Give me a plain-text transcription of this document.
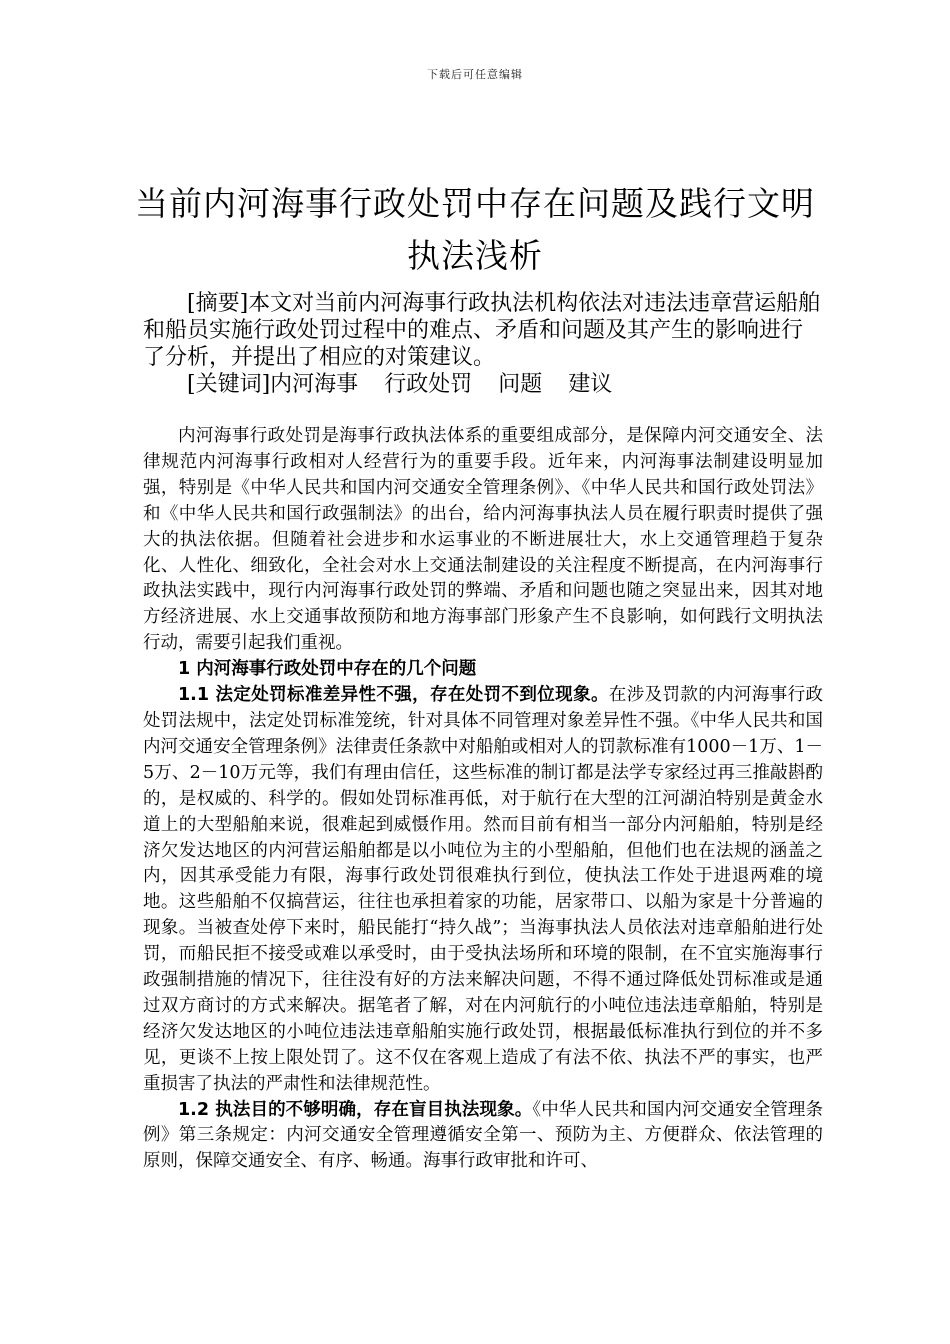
下载后可任意编辑
当前内河海事行政处罚中存在问题及践行文明执法浅析

[摘要]本文对当前内河海事行政执法机构依法对违法违章营运船舶和船员实施行政处罚过程中的难点、矛盾和问题及其产生的影响进行了分析，并提出了相应的对策建议。

[关键词]内河海事 行政处罚 问题 建议

内河海事行政处罚是海事行政执法体系的重要组成部分，是保障内河交通安全、法律规范内河海事行政相对人经营行为的重要手段。近年来，内河海事法制建设明显加强，特别是《中华人民共和国内河交通安全管理条例》、《中华人民共和国行政处罚法》和《中华人民共和国行政强制法》的出台，给内河海事执法人员在履行职责时提供了强大的执法依据。但随着社会进步和水运事业的不断进展壮大，水上交通管理趋于复杂化、人性化、细致化，全社会对水上交通法制建设的关注程度不断提高，在内河海事行政执法实践中，现行内河海事行政处罚的弊端、矛盾和问题也随之突显出来，因其对地方经济进展、水上交通事故预防和地方海事部门形象产生不良影响，如何践行文明执法行动，需要引起我们重视。

1 内河海事行政处罚中存在的几个问题

1.1 法定处罚标准差异性不强，存在处罚不到位现象。在涉及罚款的内河海事行政处罚法规中，法定处罚标准笼统，针对具体不同管理对象差异性不强。《中华人民共和国内河交通安全管理条例》法律责任条款中对船舶或相对人的罚款标准有1000－1万、1－5万、2－10万元等，我们有理由信任，这些标准的制订都是法学专家经过再三推敲斟酌的，是权威的、科学的。假如处罚标准再低，对于航行在大型的江河湖泊特别是黄金水道上的大型船舶来说，很难起到威慑作用。然而目前有相当一部分内河船舶，特别是经济欠发达地区的内河营运船舶都是以小吨位为主的小型船舶，但他们也在法规的涵盖之内，因其承受能力有限，海事行政处罚很难执行到位，使执法工作处于进退两难的境地。这些船舶不仅搞营运，往往也承担着家的功能，居家带口、以船为家是十分普遍的现象。当被查处停下来时，船民能打“持久战”；当海事执法人员依法对违章船舶进行处罚，而船民拒不接受或难以承受时，由于受执法场所和环境的限制，在不宜实施海事行政强制措施的情况下，往往没有好的方法来解决问题，不得不通过降低处罚标准或是通过双方商讨的方式来解决。据笔者了解，对在内河航行的小吨位违法违章船舶，特别是经济欠发达地区的小吨位违法违章船舶实施行政处罚，根据最低标准执行到位的并不多见，更谈不上按上限处罚了。这不仅在客观上造成了有法不依、执法不严的事实，也严重损害了执法的严肃性和法律规范性。

1.2 执法目的不够明确，存在盲目执法现象。《中华人民共和国内河交通安全管理条例》第三条规定：内河交通安全管理遵循安全第一、预防为主、方便群众、依法管理的原则，保障交通安全、有序、畅通。海事行政审批和许可、
